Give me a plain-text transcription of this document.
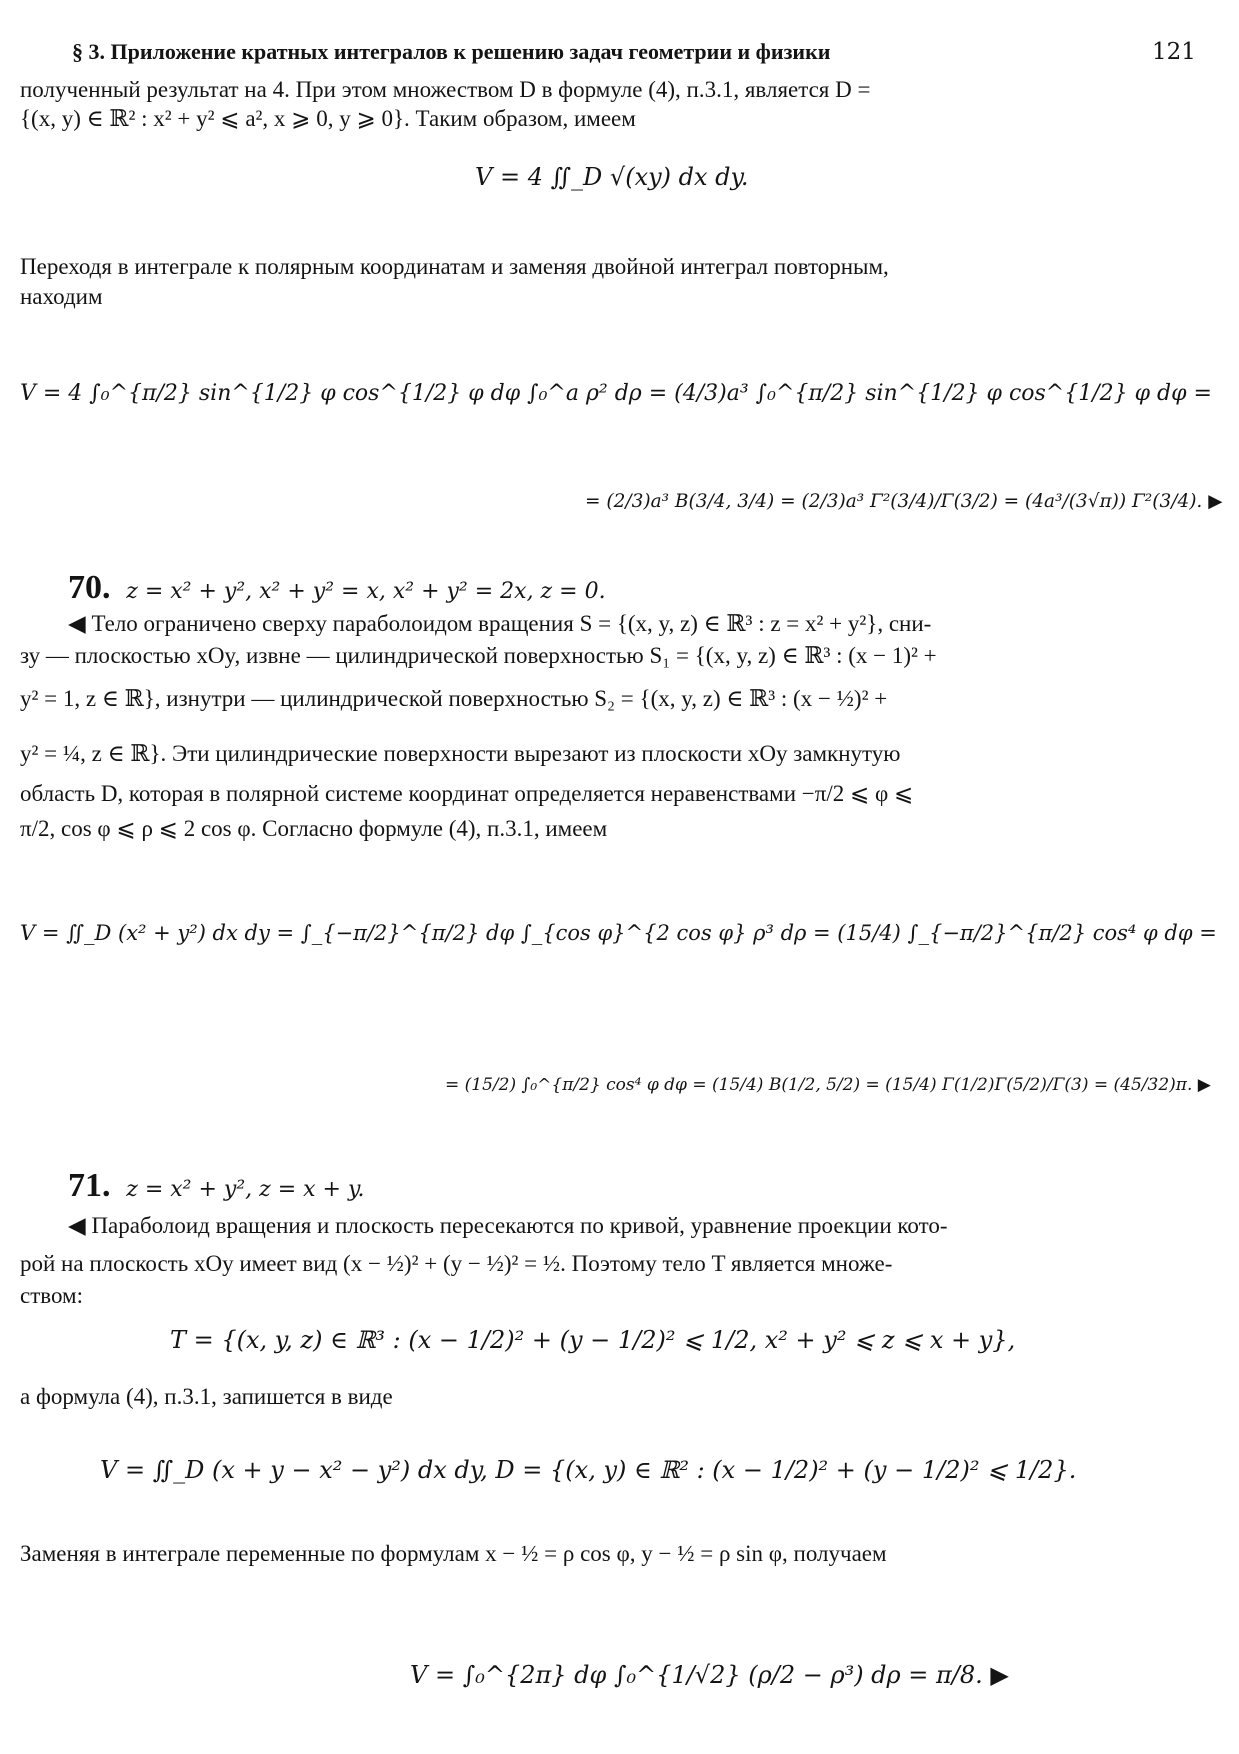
§ 3. Приложение кратных интегралов к решению задач геометрии и физики	121
полученный результат на 4. При этом множеством D в формуле (4), п.3.1, является D =
{(x, y) ∈ ℝ² : x² + y² ⩽ a², x ⩾ 0, y ⩾ 0}. Таким образом, имеем
V = 4 ∬_D √(xy) dx dy.
Переходя в интеграле к полярным координатам и заменяя двойной интеграл повторным,
находим
V = 4 ∫₀^{π/2} sin^{1/2} φ cos^{1/2} φ dφ ∫₀^a ρ² dρ = (4/3)a³ ∫₀^{π/2} sin^{1/2} φ cos^{1/2} φ dφ =
= (2/3)a³ B(3/4, 3/4) = (2/3)a³ Γ²(3/4)/Γ(3/2) = (4a³/(3√π)) Γ²(3/4). ▶
70. z = x² + y², x² + y² = x, x² + y² = 2x, z = 0.
◀ Тело ограничено сверху параболоидом вращения S = {(x, y, z) ∈ ℝ³ : z = x² + y²}, сни-
зу — плоскостью xOy, извне — цилиндрической поверхностью S₁ = {(x, y, z) ∈ ℝ³ : (x − 1)² +
y² = 1, z ∈ ℝ}, изнутри — цилиндрической поверхностью S₂ = {(x, y, z) ∈ ℝ³ : (x − ½)² +
y² = ¼, z ∈ ℝ}. Эти цилиндрические поверхности вырезают из плоскости xOy замкнутую
область D, которая в полярной системе координат определяется неравенствами −π/2 ⩽ φ ⩽
π/2, cos φ ⩽ ρ ⩽ 2 cos φ. Согласно формуле (4), п.3.1, имеем
V = ∬_D (x² + y²) dx dy = ∫_{−π/2}^{π/2} dφ ∫_{cos φ}^{2 cos φ} ρ³ dρ = (15/4) ∫_{−π/2}^{π/2} cos⁴ φ dφ =
= (15/2) ∫₀^{π/2} cos⁴ φ dφ = (15/4) B(1/2, 5/2) = (15/4) Γ(1/2)Γ(5/2)/Γ(3) = (45/32)π. ▶
71. z = x² + y², z = x + y.
◀ Параболоид вращения и плоскость пересекаются по кривой, уравнение проекции кото-
рой на плоскость xOy имеет вид (x − ½)² + (y − ½)² = ½. Поэтому тело T является множе-
ством:
T = {(x, y, z) ∈ ℝ³ : (x − 1/2)² + (y − 1/2)² ⩽ 1/2, x² + y² ⩽ z ⩽ x + y},
а формула (4), п.3.1, запишется в виде
V = ∬_D (x + y − x² − y²) dx dy, D = {(x, y) ∈ ℝ² : (x − 1/2)² + (y − 1/2)² ⩽ 1/2}.
Заменяя в интеграле переменные по формулам x − ½ = ρ cos φ, y − ½ = ρ sin φ, получаем
V = ∫₀^{2π} dφ ∫₀^{1/√2} (ρ/2 − ρ³) dρ = π/8. ▶
